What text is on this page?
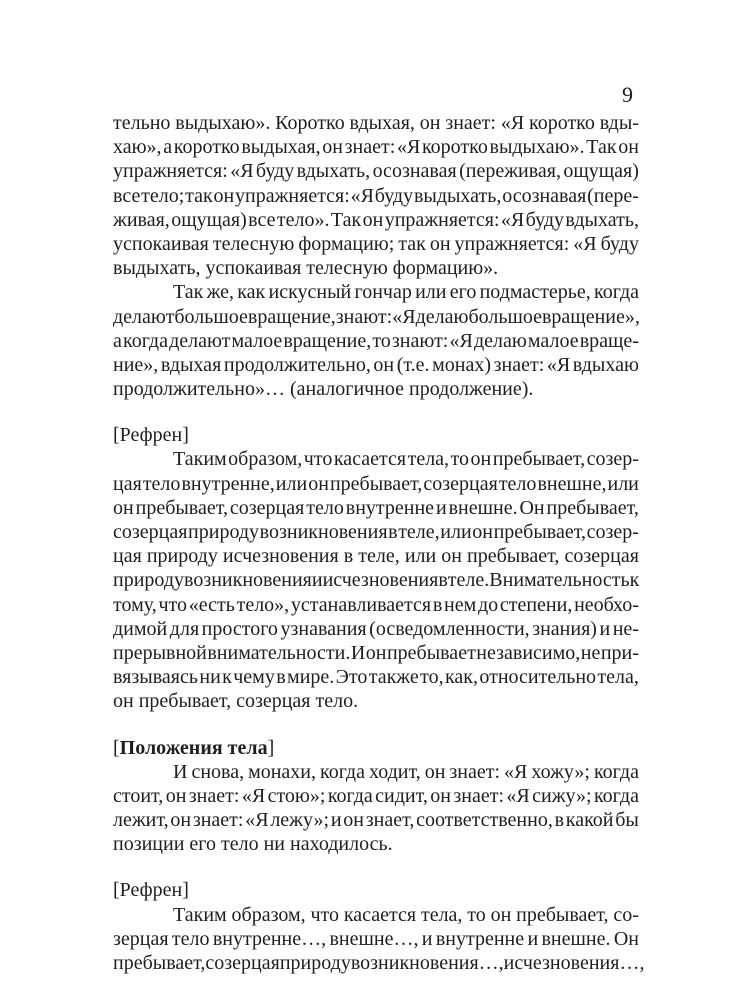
9
тельно выдыхаю». Коротко вдыхая, он знает: «Я коротко вды-
хаю», а коротко выдыхая, он знает: «Я коротко выдыхаю». Так он
упражняется: «Я буду вдыхать, осознавая (переживая, ощущая)
все тело; так он упражняется: «Я буду выдыхать, осознавая (пере-
живая, ощущая) все тело». Так он упражняется: «Я буду вдыхать,
успокаивая телесную формацию; так он упражняется: «Я буду
выдыхать, успокаивая телесную формацию».
Так же, как искусный гончар или его подмастерье, когда
делают большое вращение, знают: «Я делаю большое вращение»,
а когда делают малое вращение, то знают: «Я делаю малое враще-
ние», вдыхая продолжительно, он (т.е. монах) знает: «Я вдыхаю
продолжительно»… (аналогичное продолжение).
[Рефрен]
Таким образом, что касается тела, то он пребывает, созер-
цая тело внутренне, или он пребывает, созерцая тело внешне, или
он пребывает, созерцая тело внутренне и внешне. Он пребывает,
созерцая природу возникновения в теле, или он пребывает, созер-
цая природу исчезновения в теле, или он пребывает, созерцая
природу возникновения и исчезновения в теле. Внимательность к
тому, что «есть тело», устанавливается в нем до степени, необхо-
димой для простого узнавания (осведомленности, знания) и не-
прерывной внимательности. И он пребывает независимо, не при-
вязываясь ни к чему в мире. Это также то, как, относительно тела,
он пребывает, созерцая тело.
[Положения тела]
И снова, монахи, когда ходит, он знает: «Я хожу»; когда
стоит, он знает: «Я стою»; когда сидит, он знает: «Я сижу»; когда
лежит, он знает: «Я лежу»; и он знает, соответственно, в какой бы
позиции его тело ни находилось.
[Рефрен]
Таким образом, что касается тела, то он пребывает, со-
зерцая тело внутренне…, внешне…, и внутренне и внешне. Он
пребывает, созерцая природу возникновения…, исчезновения…,
